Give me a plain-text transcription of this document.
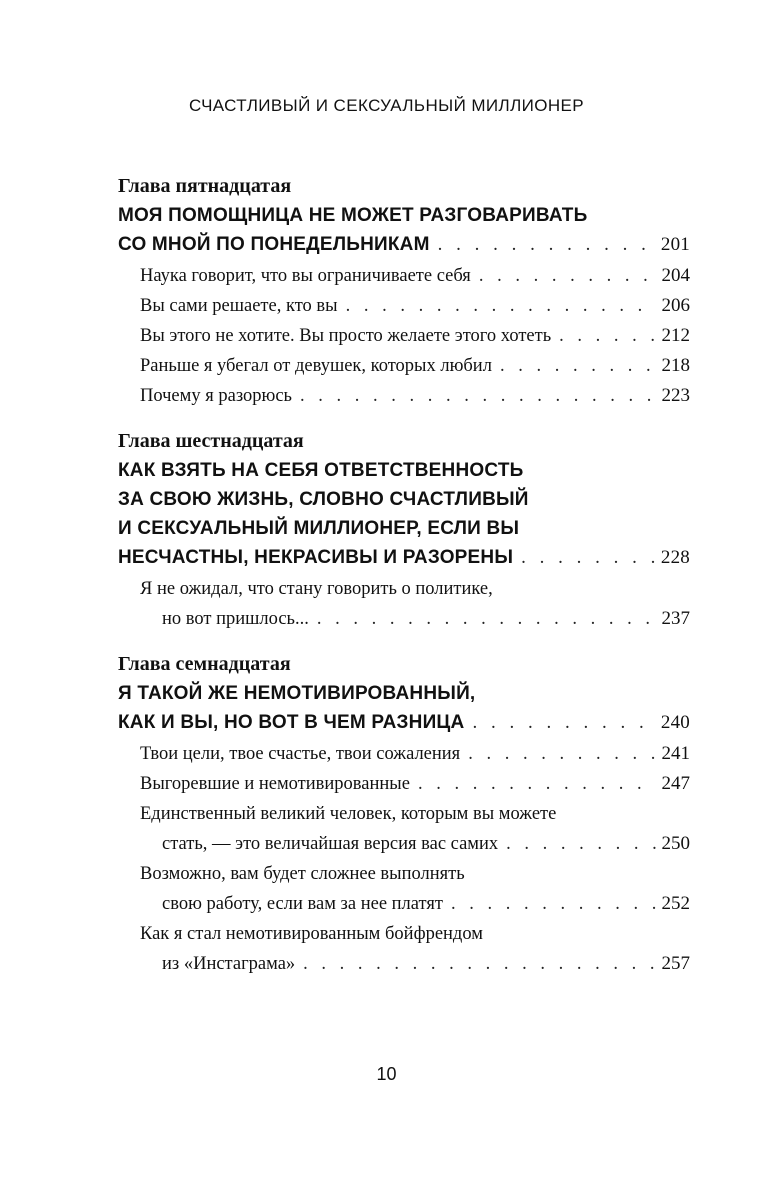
СЧАСТЛИВЫЙ И СЕКСУАЛЬНЫЙ МИЛЛИОНЕР
Глава пятнадцатая
МОЯ ПОМОЩНИЦА НЕ МОЖЕТ РАЗГОВАРИВАТЬ
СО МНОЙ ПО ПОНЕДЕЛЬНИКАМ . . .	201
Наука говорит, что вы ограничиваете себя . . .	204
Вы сами решаете, кто вы . . .	206
Вы этого не хотите. Вы просто желаете этого хотеть . . .	212
Раньше я убегал от девушек, которых любил . . .	218
Почему я разорюсь . . .	223
Глава шестнадцатая
КАК ВЗЯТЬ НА СЕБЯ ОТВЕТСТВЕННОСТЬ
ЗА СВОЮ ЖИЗНЬ, СЛОВНО СЧАСТЛИВЫЙ
И СЕКСУАЛЬНЫЙ МИЛЛИОНЕР, ЕСЛИ ВЫ
НЕСЧАСТНЫ, НЕКРАСИВЫ И РАЗОРЕНЫ . . .	228
Я не ожидал, что стану говорить о политике,
но вот пришлось... . . .	237
Глава семнадцатая
Я ТАКОЙ ЖЕ НЕМОТИВИРОВАННЫЙ,
КАК И ВЫ, НО ВОТ В ЧЕМ РАЗНИЦА . . .	240
Твои цели, твое счастье, твои сожаления . . .	241
Выгоревшие и немотивированные . . .	247
Единственный великий человек, которым вы можете
стать, — это величайшая версия вас самих . . .	250
Возможно, вам будет сложнее выполнять
свою работу, если вам за нее платят . . .	252
Как я стал немотивированным бойфрендом
из «Инстаграма» . . .	257
10
